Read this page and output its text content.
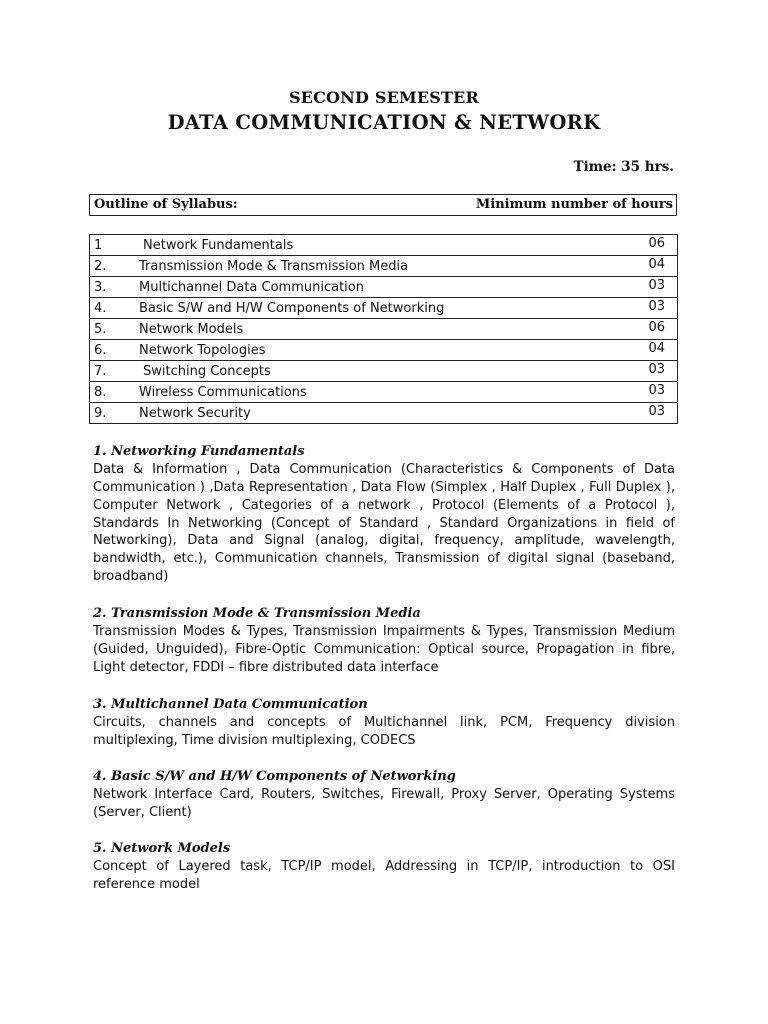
SECOND SEMESTER
DATA COMMUNICATION & NETWORK
Time: 35 hrs.
Outline of Syllabus:	Minimum number of hours
1	Network Fundamentals	06

2.	Transmission Mode & Transmission Media	04

3.	Multichannel Data Communication	03

4.	Basic S/W and H/W Components of Networking	03

5.	Network Models	06

6.	Network Topologies	04

7.	Switching Concepts	03

8.	Wireless Communications	03

9.	Network Security	03
1. Networking Fundamentals
Data & Information , Data Communication (Characteristics & Components of Data Communication ) ,Data Representation , Data Flow (Simplex , Half Duplex , Full Duplex ), Computer Network , Categories of a network , Protocol (Elements of a Protocol ), Standards In Networking (Concept of Standard , Standard Organizations in field of Networking), Data and Signal (analog, digital, frequency, amplitude, wavelength, bandwidth, etc.), Communication channels, Transmission of digital signal (baseband, broadband)
2. Transmission Mode & Transmission Media
Transmission Modes & Types, Transmission Impairments & Types, Transmission Medium (Guided, Unguided), Fibre-Optic Communication: Optical source, Propagation in fibre, Light detector, FDDI – fibre distributed data interface
3. Multichannel Data Communication
Circuits, channels and concepts of Multichannel link, PCM, Frequency division multiplexing, Time division multiplexing, CODECS
4. Basic S/W and H/W Components of Networking
Network Interface Card, Routers, Switches, Firewall, Proxy Server, Operating Systems (Server, Client)
5. Network Models
Concept of Layered task, TCP/IP model, Addressing in TCP/IP, introduction to OSI reference model
